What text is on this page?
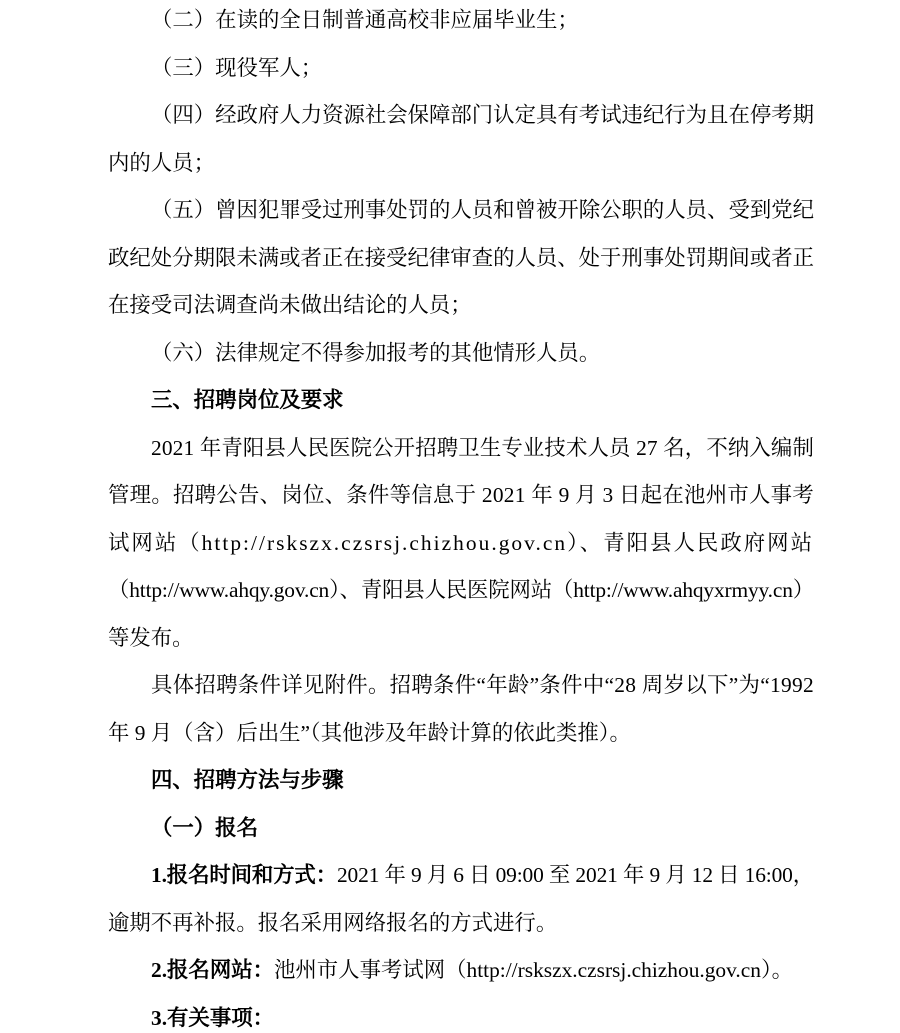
（二）在读的全日制普通高校非应届毕业生；
（三）现役军人；
（四）经政府人力资源社会保障部门认定具有考试违纪行为且在停考期
内的人员；
（五）曾因犯罪受过刑事处罚的人员和曾被开除公职的人员、受到党纪
政纪处分期限未满或者正在接受纪律审查的人员、处于刑事处罚期间或者正
在接受司法调查尚未做出结论的人员；
（六）法律规定不得参加报考的其他情形人员。
三、招聘岗位及要求
2021 年青阳县人民医院公开招聘卫生专业技术人员 27 名，不纳入编制
管理。招聘公告、岗位、条件等信息于 2021 年 9 月 3 日起在池州市人事考
试网站（http://rskszx.czsrsj.chizhou.gov.cn）、青阳县人民政府网站
（http://www.ahqy.gov.cn）、青阳县人民医院网站（http://www.ahqyxrmyy.cn）
等发布。
具体招聘条件详见附件。招聘条件“年龄”条件中“28 周岁以下”为“1992
年 9 月（含）后出生”（其他涉及年龄计算的依此类推）。
四、招聘方法与步骤
（一）报名
1.报名时间和方式：2021 年 9 月 6 日 09:00 至 2021 年 9 月 12 日 16:00，
逾期不再补报。报名采用网络报名的方式进行。
2.报名网站：池州市人事考试网（http://rskszx.czsrsj.chizhou.gov.cn）。
3.有关事项：
